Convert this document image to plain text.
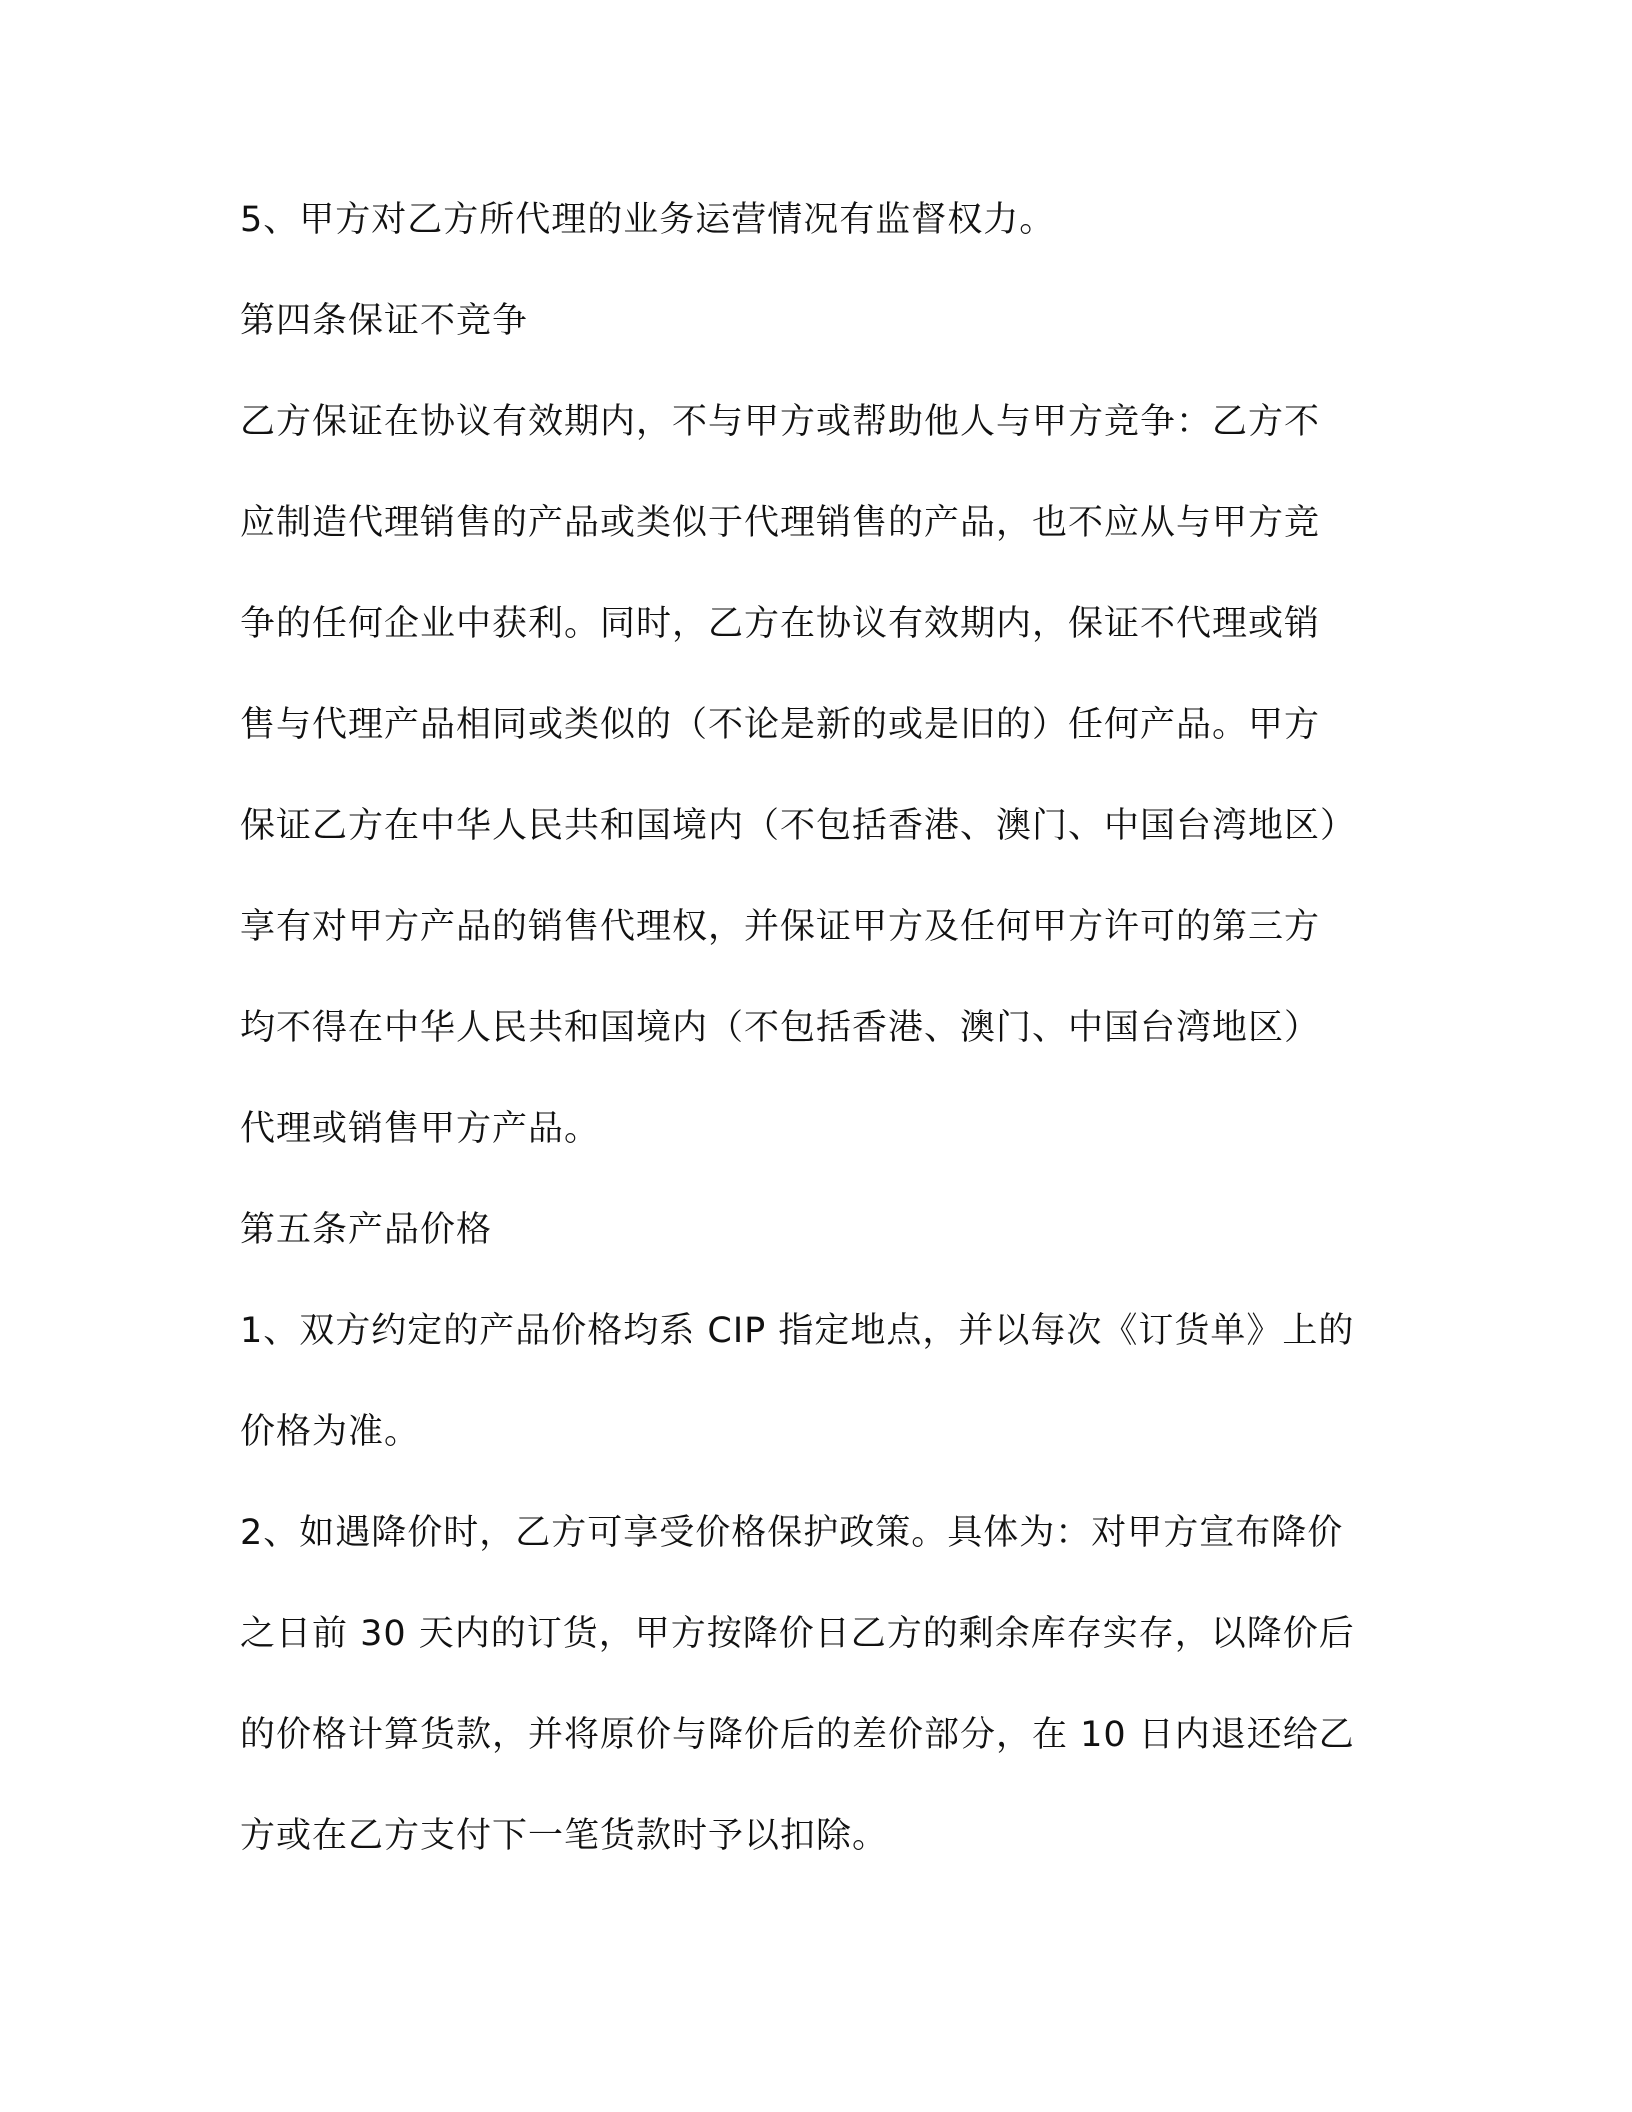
5、甲方对乙方所代理的业务运营情况有监督权力。
第四条保证不竞争
乙方保证在协议有效期内，不与甲方或帮助他人与甲方竞争：乙方不
应制造代理销售的产品或类似于代理销售的产品，也不应从与甲方竞
争的任何企业中获利。同时，乙方在协议有效期内，保证不代理或销
售与代理产品相同或类似的（不论是新的或是旧的）任何产品。甲方
保证乙方在中华人民共和国境内（不包括香港、澳门、中国台湾地区）
享有对甲方产品的销售代理权，并保证甲方及任何甲方许可的第三方
均不得在中华人民共和国境内（不包括香港、澳门、中国台湾地区）
代理或销售甲方产品。
第五条产品价格
1、双方约定的产品价格均系 CIP 指定地点，并以每次《订货单》上的
价格为准。
2、如遇降价时，乙方可享受价格保护政策。具体为：对甲方宣布降价
之日前 30 天内的订货，甲方按降价日乙方的剩余库存实存，以降价后
的价格计算货款，并将原价与降价后的差价部分，在 10 日内退还给乙
方或在乙方支付下一笔货款时予以扣除。
